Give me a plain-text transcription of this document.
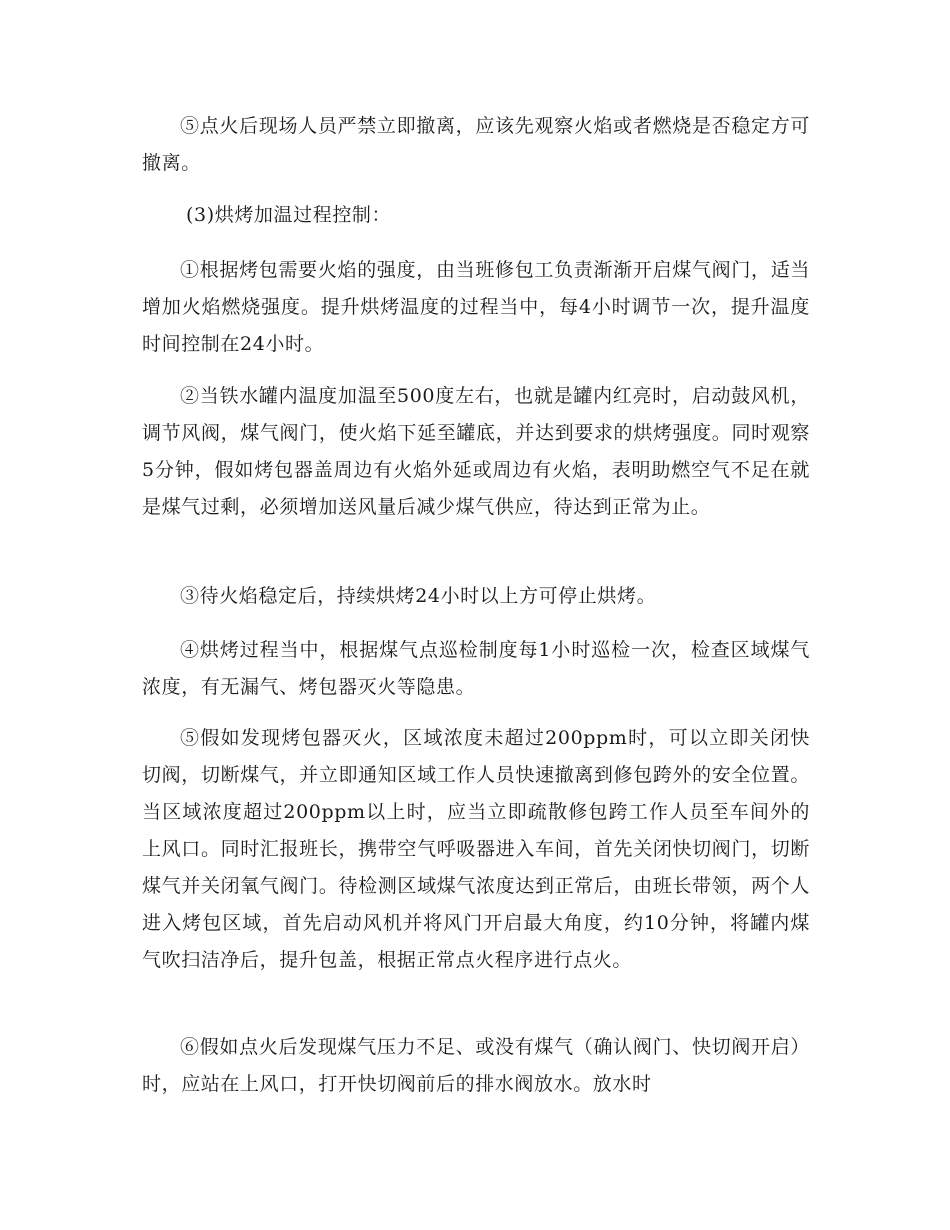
⑤点火后现场人员严禁立即撤离，应该先观察火焰或者燃烧是否稳定方可撤离。

(3)烘烤加温过程控制：

①根据烤包需要火焰的强度，由当班修包工负责渐渐开启煤气阀门，适当增加火焰燃烧强度。提升烘烤温度的过程当中，每4小时调节一次，提升温度时间控制在24小时。

②当铁水罐内温度加温至500度左右，也就是罐内红亮时，启动鼓风机，调节风阀，煤气阀门，使火焰下延至罐底，并达到要求的烘烤强度。同时观察5分钟，假如烤包器盖周边有火焰外延或周边有火焰，表明助燃空气不足在就是煤气过剩，必须增加送风量后减少煤气供应，待达到正常为止。

③待火焰稳定后，持续烘烤24小时以上方可停止烘烤。

④烘烤过程当中，根据煤气点巡检制度每1小时巡检一次，检查区域煤气浓度，有无漏气、烤包器灭火等隐患。

⑤假如发现烤包器灭火，区域浓度未超过200ppm时，可以立即关闭快切阀，切断煤气，并立即通知区域工作人员快速撤离到修包跨外的安全位置。当区域浓度超过200ppm以上时，应当立即疏散修包跨工作人员至车间外的上风口。同时汇报班长，携带空气呼吸器进入车间，首先关闭快切阀门，切断煤气并关闭氧气阀门。待检测区域煤气浓度达到正常后，由班长带领，两个人进入烤包区域，首先启动风机并将风门开启最大角度，约10分钟，将罐内煤气吹扫洁净后，提升包盖，根据正常点火程序进行点火。

⑥假如点火后发现煤气压力不足、或没有煤气（确认阀门、快切阀开启）时，应站在上风口，打开快切阀前后的排水阀放水。放水时
